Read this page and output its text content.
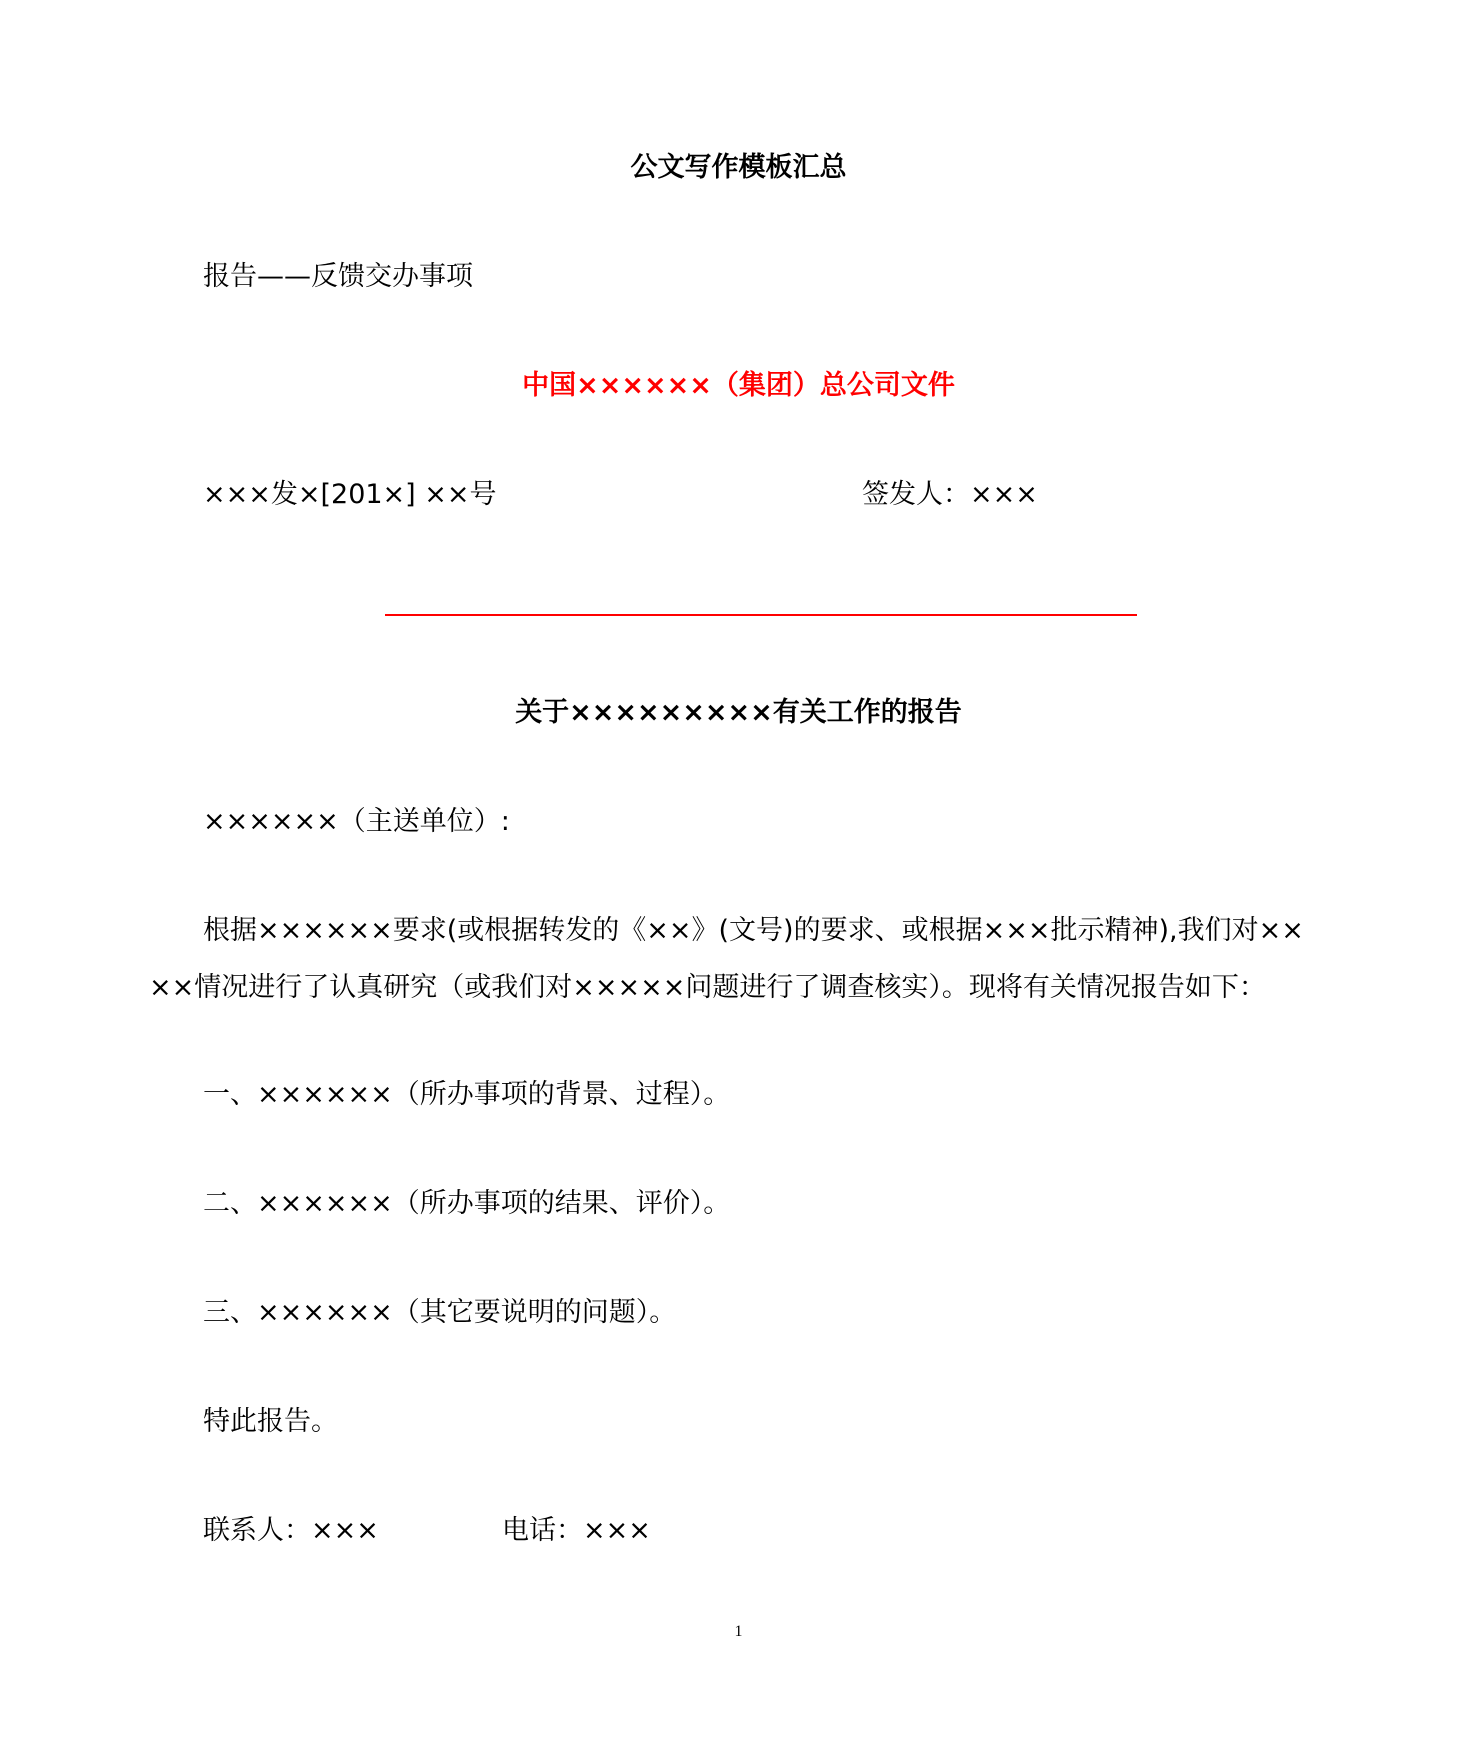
公文写作模板汇总
报告——反馈交办事项
中国××××××（集团）总公司文件
×××发×[201×] ××号	签发人：×××
关于×××××××××有关工作的报告
××××××（主送单位）:
根据××××××要求(或根据转发的《××》(文号)的要求、或根据×××批示精神),我们对××
××情况进行了认真研究（或我们对×××××问题进行了调查核实）。现将有关情况报告如下：
一、××××××（所办事项的背景、过程）。
二、××××××（所办事项的结果、评价）。
三、××××××（其它要说明的问题）。
特此报告。
联系人：×××	电话：×××
1
